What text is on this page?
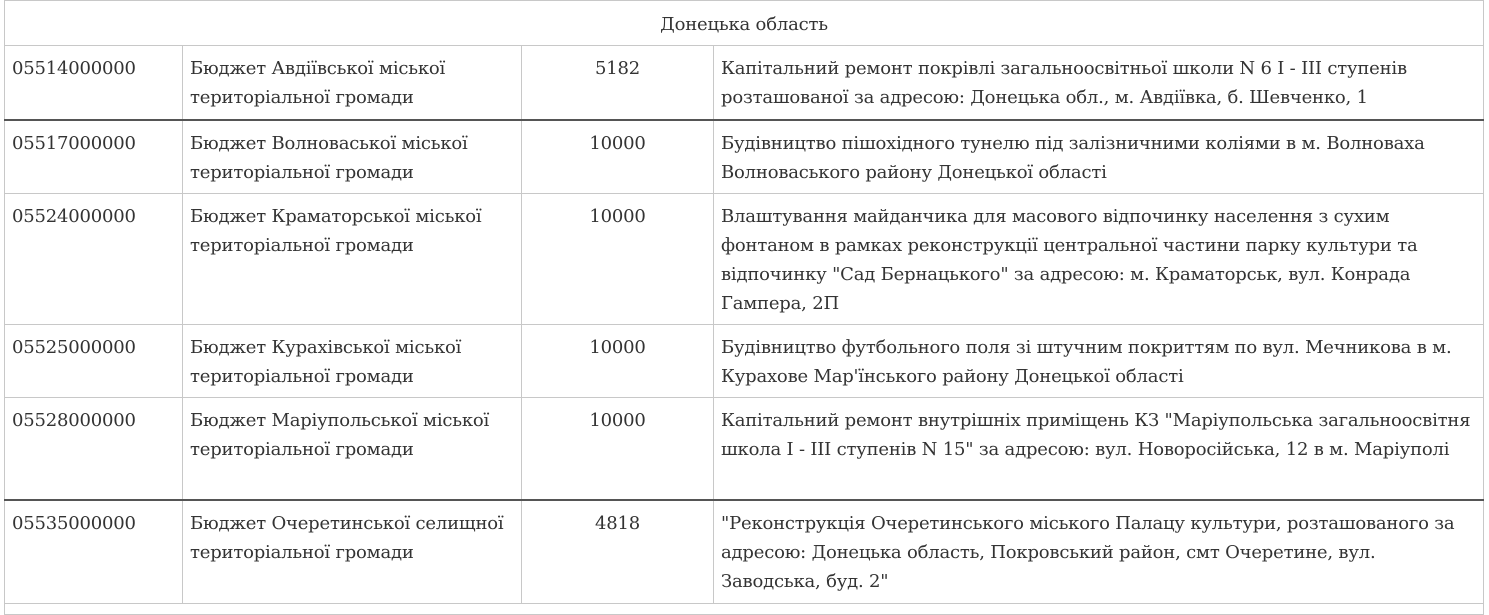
Донецька область			
05514000000	Бюджет Авдіївської міської територіальної громади	5182	Капітальний ремонт покрівлі загальноосвітньої школи N 6 I - III ступенів розташованої за адресою: Донецька обл., м. Авдіївка, б. Шевченко, 1
05517000000	Бюджет Волноваської міської територіальної громади	10000	Будівництво пішохідного тунелю під залізничними коліями в м. Волноваха Волноваського району Донецької області
05524000000	Бюджет Краматорської міської територіальної громади	10000	Влаштування майданчика для масового відпочинку населення з сухим фонтаном в рамках реконструкції центральної частини парку культури та відпочинку "Сад Бернацького" за адресою: м. Краматорськ, вул. Конрада Гампера, 2П
05525000000	Бюджет Курахівської міської територіальної громади	10000	Будівництво футбольного поля зі штучним покриттям по вул. Мечникова в м. Курахове Мар'їнського району Донецької області
05528000000	Бюджет Маріупольської міської територіальної громади	10000	Капітальний ремонт внутрішніх приміщень КЗ "Маріупольська загальноосвітня школа I - III ступенів N 15" за адресою: вул. Новоросійська, 12 в м. Маріуполі
05535000000	Бюджет Очеретинської селищної територіальної громади	4818	"Реконструкція Очеретинського міського Палацу культури, розташованого за адресою: Донецька область, Покровський район, смт Очеретине, вул. Заводська, буд. 2"
